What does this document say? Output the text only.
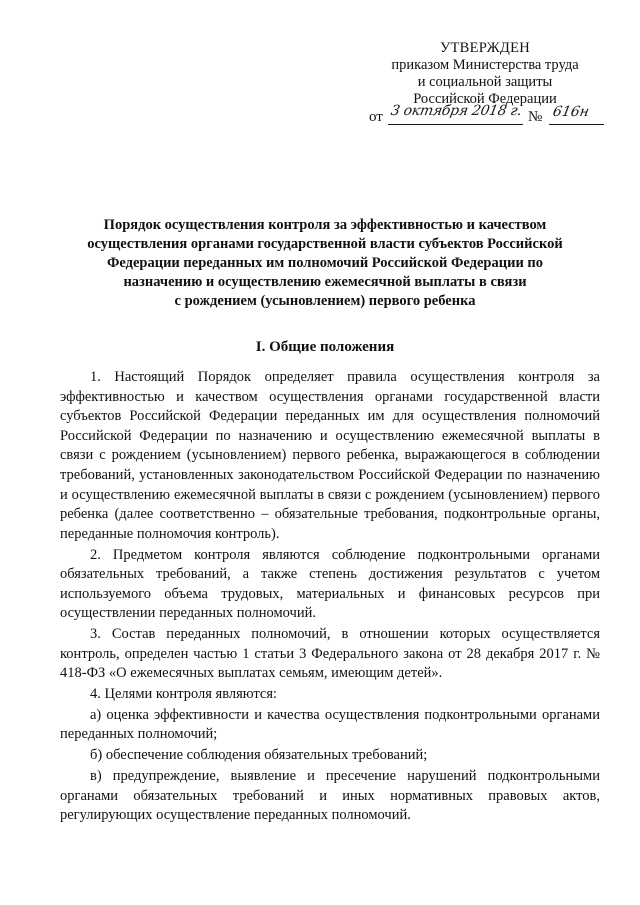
УТВЕРЖДЕН
приказом Министерства труда
и социальной защиты
Российской Федерации
от 3 октября 2018 г. № 616н
Порядок осуществления контроля за эффективностью и качеством
осуществления органами государственной власти субъектов Российской
Федерации переданных им полномочий Российской Федерации по
назначению и осуществлению ежемесячной выплаты в связи
с рождением (усыновлением) первого ребенка
I. Общие положения

1. Настоящий Порядок определяет правила осуществления контроля за эффективностью и качеством осуществления органами государственной власти субъектов Российской Федерации переданных им для осуществления полномочий Российской Федерации по назначению и осуществлению ежемесячной выплаты в связи с рождением (усыновлением) первого ребенка, выражающегося в соблюдении требований, установленных законодательством Российской Федерации по назначению и осуществлению ежемесячной выплаты в связи с рождением (усыновлением) первого ребенка (далее соответственно – обязательные требования, подконтрольные органы, переданные полномочия контроль).

2. Предметом контроля являются соблюдение подконтрольными органами обязательных требований, а также степень достижения результатов с учетом используемого объема трудовых, материальных и финансовых ресурсов при осуществлении переданных полномочий.

3. Состав переданных полномочий, в отношении которых осуществляется контроль, определен частью 1 статьи 3 Федерального закона от 28 декабря 2017 г. № 418-ФЗ «О ежемесячных выплатах семьям, имеющим детей».

4. Целями контроля являются:

а) оценка эффективности и качества осуществления подконтрольными органами переданных полномочий;

б) обеспечение соблюдения обязательных требований;

в) предупреждение, выявление и пресечение нарушений подконтрольными органами обязательных требований и иных нормативных правовых актов, регулирующих осуществление переданных полномочий.
